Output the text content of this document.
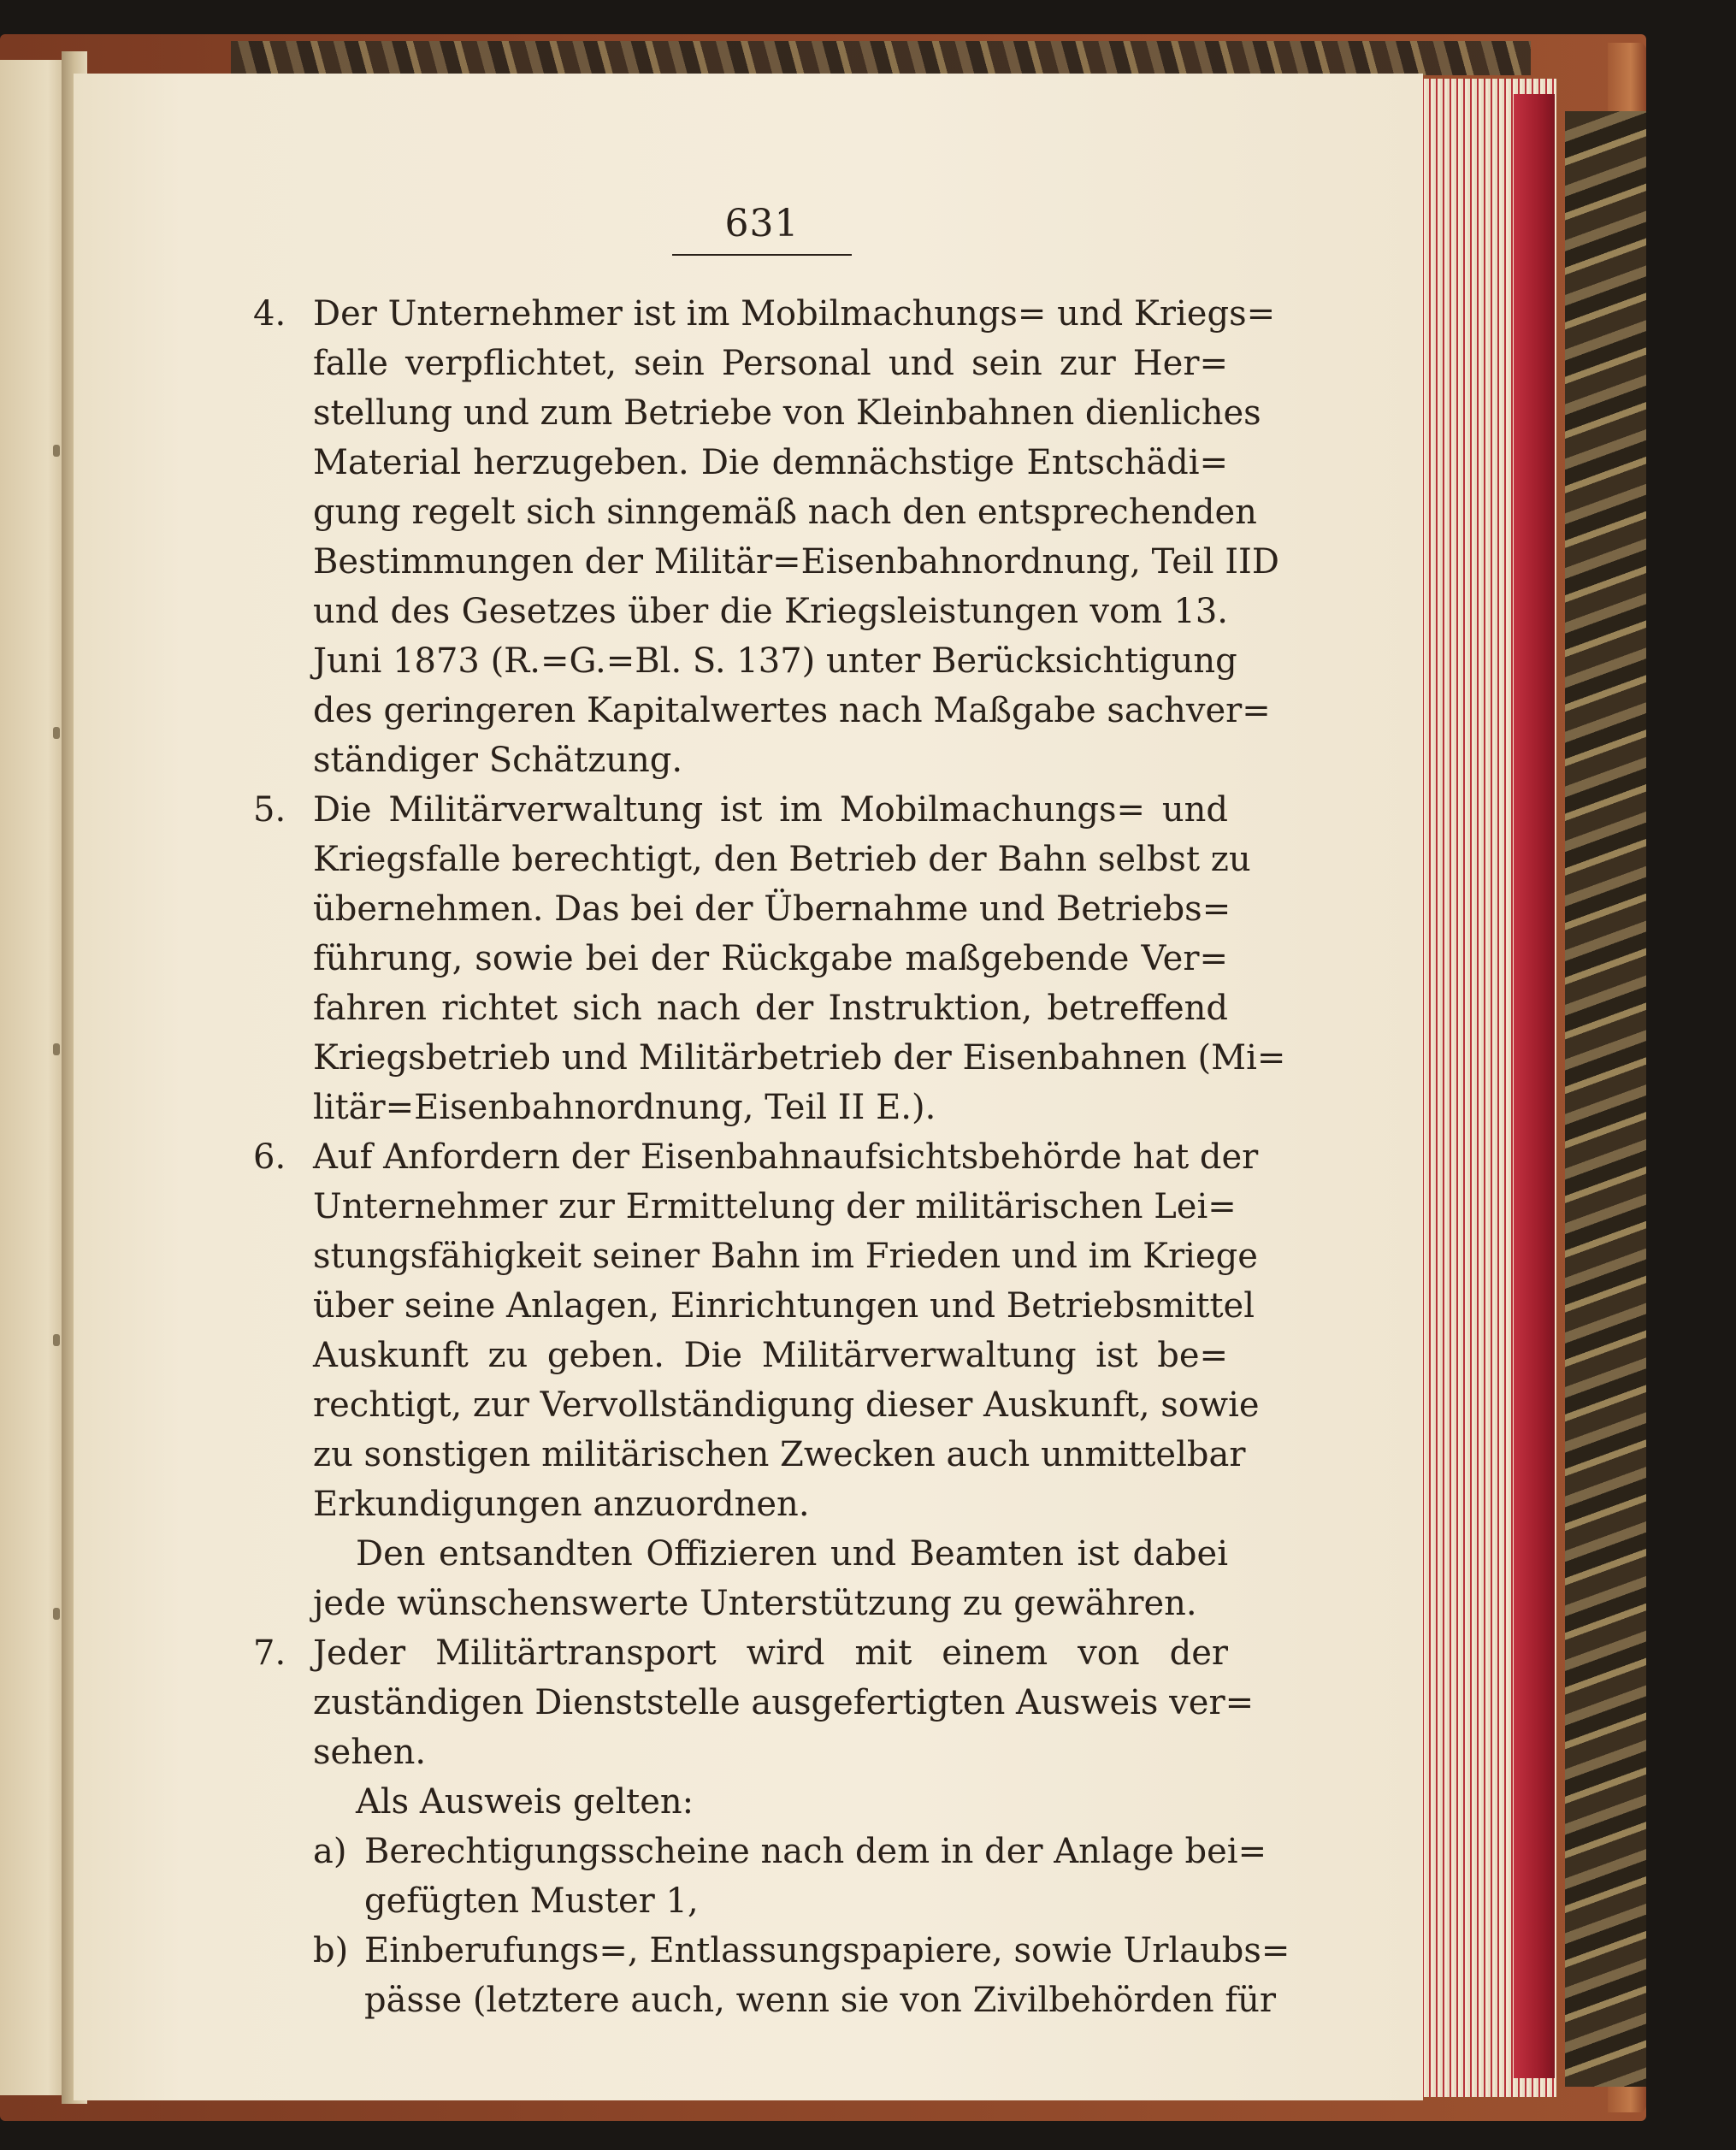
631
4. Der Unternehmer ist im Mobilmachungs= und Kriegs=
falle verpflichtet, sein Personal und sein zur Her=
stellung und zum Betriebe von Kleinbahnen dienliches
Material herzugeben. Die demnächstige Entschädi=
gung regelt sich sinngemäß nach den entsprechenden
Bestimmungen der Militär=Eisenbahnordnung, Teil IID
und des Gesetzes über die Kriegsleistungen vom 13.
Juni 1873 (R.=G.=Bl. S. 137) unter Berücksichtigung
des geringeren Kapitalwertes nach Maßgabe sachver=
ständiger Schätzung.
5. Die Militärverwaltung ist im Mobilmachungs= und
Kriegsfalle berechtigt, den Betrieb der Bahn selbst zu
übernehmen. Das bei der Übernahme und Betriebs=
führung, sowie bei der Rückgabe maßgebende Ver=
fahren richtet sich nach der Instruktion, betreffend
Kriegsbetrieb und Militärbetrieb der Eisenbahnen (Mi=
litär=Eisenbahnordnung, Teil II E.).
6. Auf Anfordern der Eisenbahnaufsichtsbehörde hat der
Unternehmer zur Ermittelung der militärischen Lei=
stungsfähigkeit seiner Bahn im Frieden und im Kriege
über seine Anlagen, Einrichtungen und Betriebsmittel
Auskunft zu geben. Die Militärverwaltung ist be=
rechtigt, zur Vervollständigung dieser Auskunft, sowie
zu sonstigen militärischen Zwecken auch unmittelbar
Erkundigungen anzuordnen.
Den entsandten Offizieren und Beamten ist dabei
jede wünschenswerte Unterstützung zu gewähren.
7. Jeder Militärtransport wird mit einem von der
zuständigen Dienststelle ausgefertigten Ausweis ver=
sehen.
Als Ausweis gelten:
a) Berechtigungsscheine nach dem in der Anlage bei=
gefügten Muster 1,
b) Einberufungs=, Entlassungspapiere, sowie Urlaubs=
pässe (letztere auch, wenn sie von Zivilbehörden für
